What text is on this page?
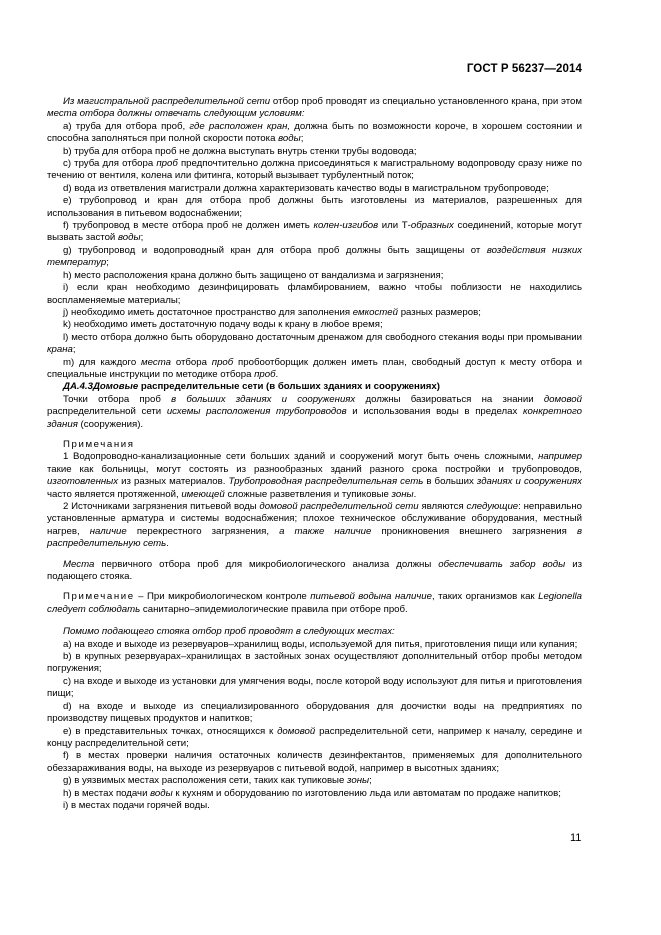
ГОСТ Р 56237—2014

Из магистральной распределительной сети отбор проб проводят из специально установленного крана, при этом места отбора должны отвечать следующим условиям:

a) труба для отбора проб, где расположен кран, должна быть по возможности короче, в хорошем состоянии и способна заполняться при полной скорости потока воды;

b) труба для отбора проб не должна выступать внутрь стенки трубы водовода;

c) труба для отбора проб предпочтительно должна присоединяться к магистральному водопроводу сразу ниже по течению от вентиля, колена или фитинга, который вызывает турбулентный поток;

d) вода из ответвления магистрали должна характеризовать качество воды в магистральном трубопроводе;

e) трубопровод и кран для отбора проб должны быть изготовлены из материалов, разрешенных для использования в питьевом водоснабжении;

f) трубопровод в месте отбора проб не должен иметь колен-изгибов или Т-образных соединений, которые могут вызвать застой воды;

g) трубопровод и водопроводный кран для отбора проб должны быть защищены от воздействия низких температур;

h) место расположения крана должно быть защищено от вандализма и загрязнения;

i) если кран необходимо дезинфицировать фламбированием, важно чтобы поблизости не находились воспламеняемые материалы;

j) необходимо иметь достаточное пространство для заполнения емкостей разных размеров;

k) необходимо иметь достаточную подачу воды к крану в любое время;

l) место отбора должно быть оборудовано достаточным дренажом для свободного стекания воды при промывании крана;

m) для каждого места отбора проб пробоотборщик должен иметь план, свободный доступ к месту отбора и специальные инструкции по методике отбора проб.

ДА.4.3Домовые распределительные сети (в больших зданиях и сооружениях)

Точки отбора проб в больших зданиях и сооружениях должны базироваться на знании домовой распределительной сети исхемы расположения трубопроводов и использования воды в пределах конкретного здания (сооружения).

Примечания

1 Водопроводно-канализационные сети больших зданий и сооружений могут быть очень сложными, например такие как больницы, могут состоять из разнообразных зданий разного срока постройки и трубопроводов, изготовленных из разных материалов. Трубопроводная распределительная сеть в больших зданиях и сооружениях часто является протяженной, имеющей сложные разветвления и тупиковые зоны.

2 Источниками загрязнения питьевой воды домовой распределительной сети являются следующие: неправильно установленные арматура и системы водоснабжения; плохое техническое обслуживание оборудования, местный нагрев, наличие перекрестного загрязнения, а также наличие проникновения внешнего загрязнения в распределительную сеть.

Места первичного отбора проб для микробиологического анализа должны обеспечивать забор воды из подающего стояка.

Примечание – При микробиологическом контроле питьевой водына наличие, таких организмов как Legionella следует соблюдать санитарно–эпидемиологические правила при отборе проб.

Помимо подающего стояка отбор проб проводят в следующих местах:

a) на входе и выходе из резервуаров–хранилищ воды, используемой для питья, приготовления пищи или купания;

b) в крупных резервуарах–хранилищах в застойных зонах осуществляют дополнительный отбор пробы методом погружения;

c) на входе и выходе из установки для умягчения воды, после которой воду используют для питья и приготовления пищи;

d) на входе и выходе из специализированного оборудования для доочистки воды на предприятиях по производству пищевых продуктов и напитков;

e) в представительных точках, относящихся к домовой распределительной сети, например к началу, середине и концу распределительной сети;

f) в местах проверки наличия остаточных количеств дезинфектантов, применяемых для дополнительного обеззараживания воды, на выходе из резервуаров с питьевой водой, например в высотных зданиях;

g) в уязвимых местах расположения сети, таких как тупиковые зоны;

h) в местах подачи воды к кухням и оборудованию по изготовлению льда или автоматам по продаже напитков;

i) в местах подачи горячей воды.

11
